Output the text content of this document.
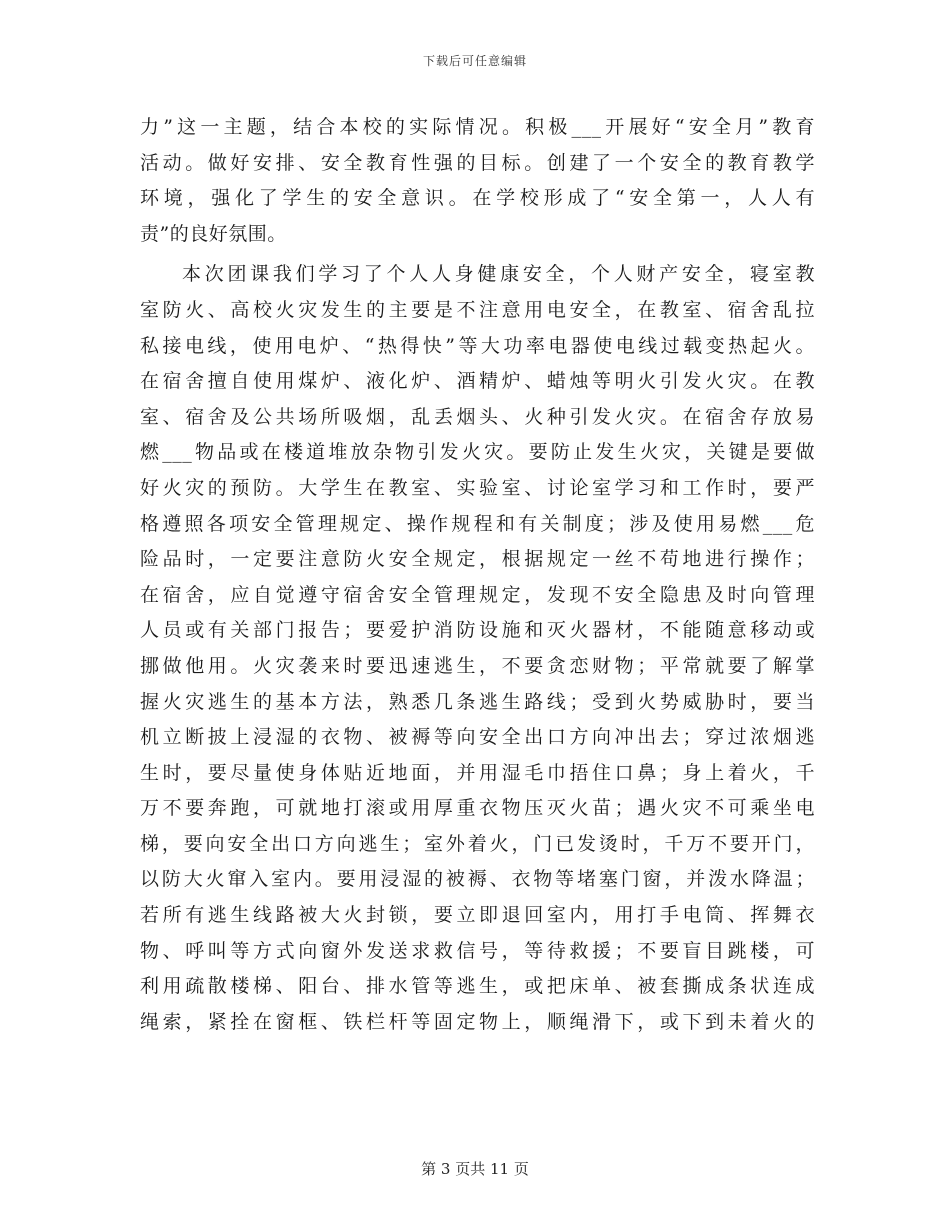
下载后可任意编辑
力”这一主题，结合本校的实际情况。积极___开展好“安全月”教育
活动。做好安排、安全教育性强的目标。创建了一个安全的教育教学
环境，强化了学生的安全意识。在学校形成了“安全第一，人人有
责”的良好氛围。
本次团课我们学习了个人人身健康安全，个人财产安全，寝室教
室防火、高校火灾发生的主要是不注意用电安全，在教室、宿舍乱拉
私接电线，使用电炉、“热得快”等大功率电器使电线过载变热起火。
在宿舍擅自使用煤炉、液化炉、酒精炉、蜡烛等明火引发火灾。在教
室、宿舍及公共场所吸烟，乱丢烟头、火种引发火灾。在宿舍存放易
燃___物品或在楼道堆放杂物引发火灾。要防止发生火灾，关键是要做
好火灾的预防。大学生在教室、实验室、讨论室学习和工作时，要严
格遵照各项安全管理规定、操作规程和有关制度；涉及使用易燃___危
险品时，一定要注意防火安全规定，根据规定一丝不苟地进行操作；
在宿舍，应自觉遵守宿舍安全管理规定，发现不安全隐患及时向管理
人员或有关部门报告；要爱护消防设施和灭火器材，不能随意移动或
挪做他用。火灾袭来时要迅速逃生，不要贪恋财物；平常就要了解掌
握火灾逃生的基本方法，熟悉几条逃生路线；受到火势威胁时，要当
机立断披上浸湿的衣物、被褥等向安全出口方向冲出去；穿过浓烟逃
生时，要尽量使身体贴近地面，并用湿毛巾捂住口鼻；身上着火，千
万不要奔跑，可就地打滚或用厚重衣物压灭火苗；遇火灾不可乘坐电
梯，要向安全出口方向逃生；室外着火，门已发烫时，千万不要开门，
以防大火窜入室内。要用浸湿的被褥、衣物等堵塞门窗，并泼水降温；
若所有逃生线路被大火封锁，要立即退回室内，用打手电筒、挥舞衣
物、呼叫等方式向窗外发送求救信号，等待救援；不要盲目跳楼，可
利用疏散楼梯、阳台、排水管等逃生，或把床单、被套撕成条状连成
绳索，紧拴在窗框、铁栏杆等固定物上，顺绳滑下，或下到未着火的
第 3 页共 11 页
